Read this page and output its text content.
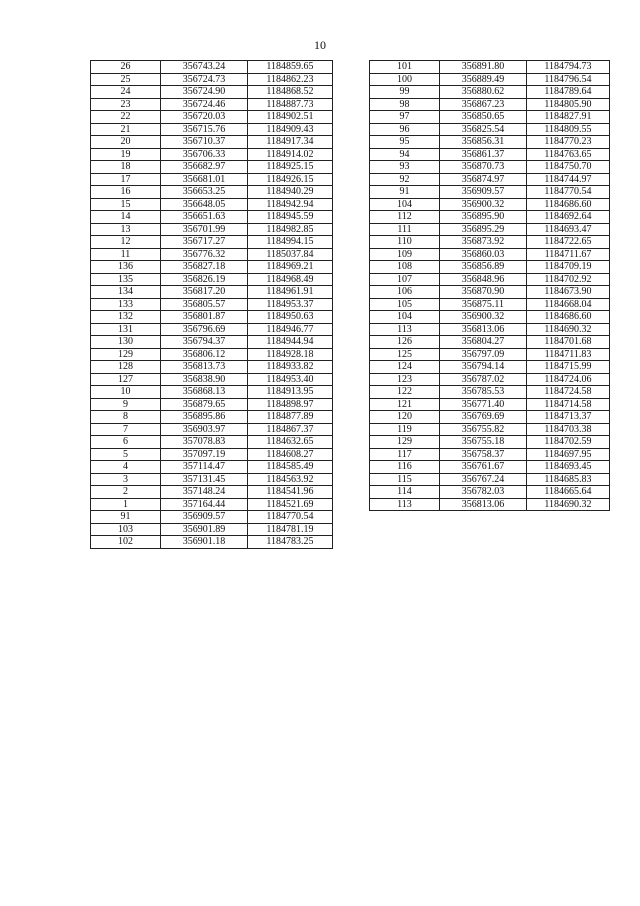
10
26	356743.24	1184859.65
25	356724.73	1184862.23
24	356724.90	1184868.52
23	356724.46	1184887.73
22	356720.03	1184902.51
21	356715.76	1184909.43
20	356710.37	1184917.34
19	356706.33	1184914.02
18	356682.97	1184925.15
17	356681.01	1184926.15
16	356653.25	1184940.29
15	356648.05	1184942.94
14	356651.63	1184945.59
13	356701.99	1184982.85
12	356717.27	1184994.15
11	356776.32	1185037.84
136	356827.18	1184969.21
135	356826.19	1184968.49
134	356817.20	1184961.91
133	356805.57	1184953.37
132	356801.87	1184950.63
131	356796.69	1184946.77
130	356794.37	1184944.94
129	356806.12	1184928.18
128	356813.73	1184933.82
127	356838.90	1184953.40
10	356868.13	1184913.95
9	356879.65	1184898.97
8	356895.86	1184877.89
7	356903.97	1184867.37
6	357078.83	1184632.65
5	357097.19	1184608.27
4	357114.47	1184585.49
3	357131.45	1184563.92
2	357148.24	1184541.96
1	357164.44	1184521.69
91	356909.57	1184770.54
103	356901.89	1184781.19
102	356901.18	1184783.25
101	356891.80	1184794.73
100	356889.49	1184796.54
99	356880.62	1184789.64
98	356867.23	1184805.90
97	356850.65	1184827.91
96	356825.54	1184809.55
95	356856.31	1184770.23
94	356861.37	1184763.65
93	356870.73	1184750.70
92	356874.97	1184744.97
91	356909.57	1184770.54
104	356900.32	1184686.60
112	356895.90	1184692.64
111	356895.29	1184693.47
110	356873.92	1184722.65
109	356860.03	1184711.67
108	356856.89	1184709.19
107	356848.96	1184702.92
106	356870.90	1184673.90
105	356875.11	1184668.04
104	356900.32	1184686.60
113	356813.06	1184690.32
126	356804.27	1184701.68
125	356797.09	1184711.83
124	356794.14	1184715.99
123	356787.02	1184724.06
122	356785.53	1184724.58
121	356771.40	1184714.58
120	356769.69	1184713.37
119	356755.82	1184703.38
129	356755.18	1184702.59
117	356758.37	1184697.95
116	356761.67	1184693.45
115	356767.24	1184685.83
114	356782.03	1184665.64
113	356813.06	1184690.32
